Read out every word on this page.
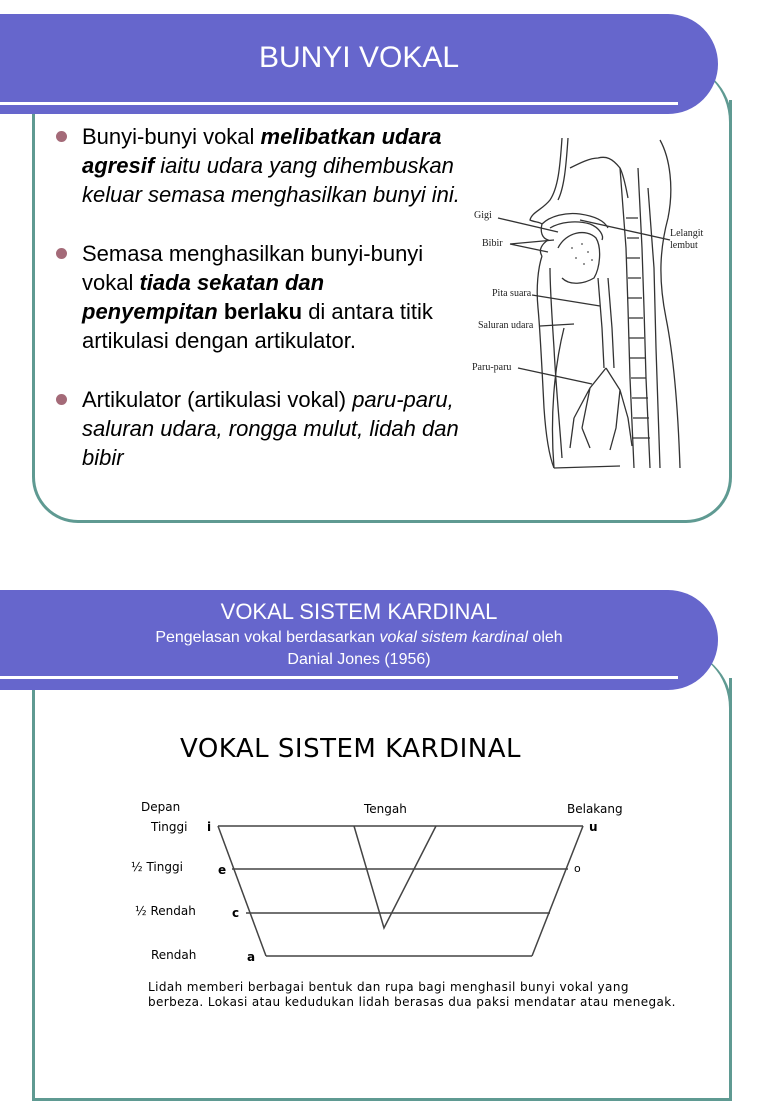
BUNYI VOKAL
Bunyi-bunyi vokal melibatkan udara agresif iaitu udara yang dihembuskan keluar semasa menghasilkan bunyi ini.
Semasa menghasilkan bunyi-bunyi vokal tiada sekatan dan penyempitan berlaku di antara titik artikulasi dengan artikulator.
Artikulator (artikulasi vokal) paru-paru, saluran udara, rongga mulut, lidah dan bibir
Gigi
Bibir
Lelangit
lembut
Pita suara
Saluran udara
Paru-paru
VOKAL SISTEM KARDINAL
Pengelasan vokal berdasarkan vokal sistem kardinal oleh
Danial Jones (1956)
VOKAL SISTEM KARDINAL
Depan	Tengah	Belakang
Tinggi
½ Tinggi
½ Rendah
Rendah
i
e
c
a
u
o
Lidah memberi berbagai bentuk dan rupa bagi menghasil bunyi vokal yang berbeza. Lokasi atau kedudukan lidah berasas dua paksi mendatar atau menegak.
